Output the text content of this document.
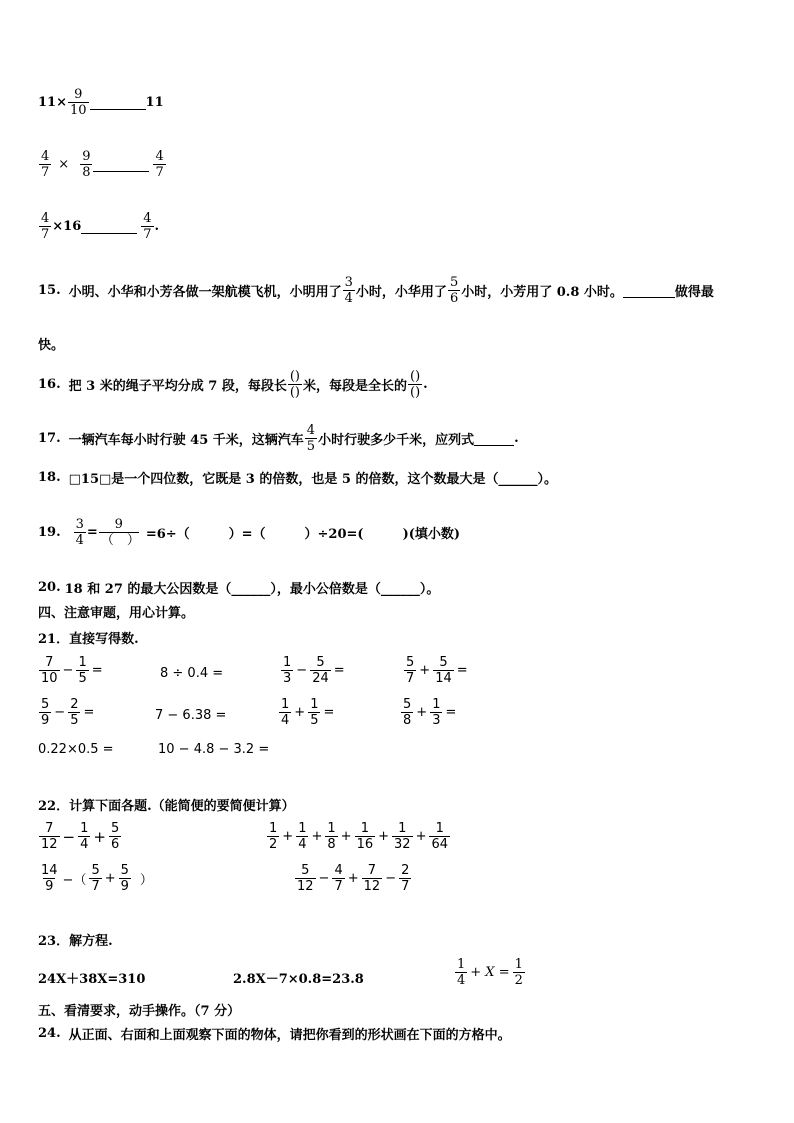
$11\times \frac{9}{10}$	11
$\frac{4}{7} \times \frac{9}{8}$	$\frac{4}{7}$
$\frac{4}{7} \times 16$	$\frac{4}{7}$ .
15. 小明、小华和小芳各做一架航模飞机，小明用了 $\frac{3}{4}$ 小时，小华用了 $\frac{5}{6}$ 小时，小芳用了 0.8 小时。	做得最
快。
16. 把 3 米的绳子平均分成 7 段，每段长 $\frac{()}{()}$ 米，每段是全长的 $\frac{()}{()}$ .
17. 一辆汽车每小时行驶 45 千米，这辆汽车 $\frac{4}{5}$ 小时行驶多少千米，应列式	.
18. □15□是一个四位数，它既是 3 的倍数，也是 5 的倍数，这个数最大是（______）。
19. $\frac{3}{4} = \frac{9}{( )} =6\div$（　　　）=（　　　）÷20=(　　　)(填小数)
20. 18 和 27 的最大公因数是（______），最小公倍数是（______）。
四、注意审题，用心计算。
21．直接写得数.
$\frac{7}{10} - \frac{1}{5}$ =	8 ÷ 0.4 =	$\frac{1}{3} - \frac{5}{24}$ =	$\frac{5}{7} + \frac{5}{14}$ =
$\frac{5}{9} - \frac{2}{5}$ =	7 − 6.38 =	$\frac{1}{4} + \frac{1}{5}$ =	$\frac{5}{8} + \frac{1}{3}$ =
0.22×0.5 =	10 − 4.8 − 3.2 =
22．计算下面各题.（能简便的要简便计算）
$\frac{7}{12} - \frac{1}{4} + \frac{5}{6}$	$\frac{1}{2} + \frac{1}{4} + \frac{1}{8} + \frac{1}{16} + \frac{1}{32} + \frac{1}{64}$
$\frac{14}{9}$ −（ $\frac{5}{7} + \frac{5}{9}$ ）	$\frac{5}{12} - \frac{4}{7} + \frac{7}{12} - \frac{2}{7}$
23．解方程.
24X＋38X=310	2.8X－7×0.8=23.8	$\frac{1}{4} + X = \frac{1}{2}$
五、看清要求，动手操作。（7 分）
24. 从正面、右面和上面观察下面的物体，请把你看到的形状画在下面的方格中。
